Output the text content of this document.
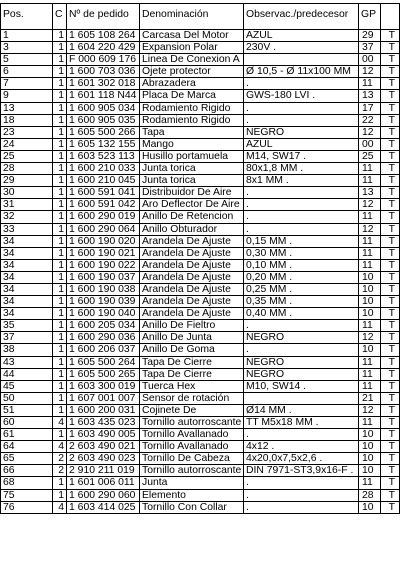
Pos.	C	Nº de pedido	Denominación	Observac./predecesor	GP	
1	1	1 605 108 264	Carcasa Del Motor	AZUL	29	T
3	1	1 604 220 429	Expansion Polar	230V .	37	T
5	1	F 000 609 176	Linea De Conexion A		00	T
6	1	1 600 703 036	Ojete protector	Ø 10,5 - Ø 11x100 MM	12	T
7	1	1 601 302 018	Abrazadera	.	11	T
9	1	1 601 118 N44	Placa De Marca	GWS-180 LVI .	13	T
13	1	1 600 905 034	Rodamiento Rigido	.	17	T
18	1	1 600 905 035	Rodamiento Rigido	.	22	T
23	1	1 605 500 266	Tapa	NEGRO	12	T
24	1	1 605 132 155	Mango	AZUL	00	T
25	1	1 603 523 113	Husillo portamuela	M14, SW17 .	25	T
28	1	1 600 210 033	Junta torica	80x1,8 MM .	11	T
29	1	1 600 210 045	Junta torica	8x1 MM .	11	T
30	1	1 600 591 041	Distribuidor De Aire	.	13	T
31	1	1 600 591 042	Aro Deflector De Aire	.	12	T
32	1	1 600 290 019	Anillo De Retencion	.	11	T
33	1	1 600 290 064	Anillo Obturador	.	12	T
34	1	1 600 190 020	Arandela De Ajuste	0,15 MM .	11	T
34	1	1 600 190 021	Arandela De Ajuste	0,30 MM .	11	T
34	1	1 600 190 022	Arandela De Ajuste	0,10 MM .	11	T
34	1	1 600 190 037	Arandela De Ajuste	0,20 MM .	10	T
34	1	1 600 190 038	Arandela De Ajuste	0,25 MM .	10	T
34	1	1 600 190 039	Arandela De Ajuste	0,35 MM .	10	T
34	1	1 600 190 040	Arandela De Ajuste	0,40 MM .	10	T
35	1	1 600 205 034	Anillo De Fieltro	.	11	T
37	1	1 600 290 036	Anillo De Junta	NEGRO	12	T
38	1	1 600 206 037	Anillo De Goma	.	10	T
43	1	1 605 500 264	Tapa De Cierre	NEGRO	11	T
44	1	1 605 500 265	Tapa De Cierre	NEGRO	11	T
45	1	1 603 300 019	Tuerca Hex	M10, SW14 .	11	T
50	1	1 607 001 007	Sensor de rotación		21	T
51	1	1 600 200 031	Cojinete De	Ø14 MM .	12	T
60	4	1 603 435 023	Tornillo autorroscante	TT M5x18 MM .	11	T
61	1	1 603 490 005	Tornillo Avallanado	.	10	T
64	4	2 603 490 021	Tornillo Avallanado	4x12 .	10	T
65	2	2 603 490 023	Tornillo De Cabeza	4x20,0x7,5x2,6 .	10	T
66	2	2 910 211 019	Tornillo autorroscante	DIN 7971-ST3,9x16-F .	10	T
68	1	1 601 006 011	Junta	.	11	T
75	1	1 600 290 060	Elemento	.	28	T
76	4	1 603 414 025	Tornillo Con Collar	.	10	T
